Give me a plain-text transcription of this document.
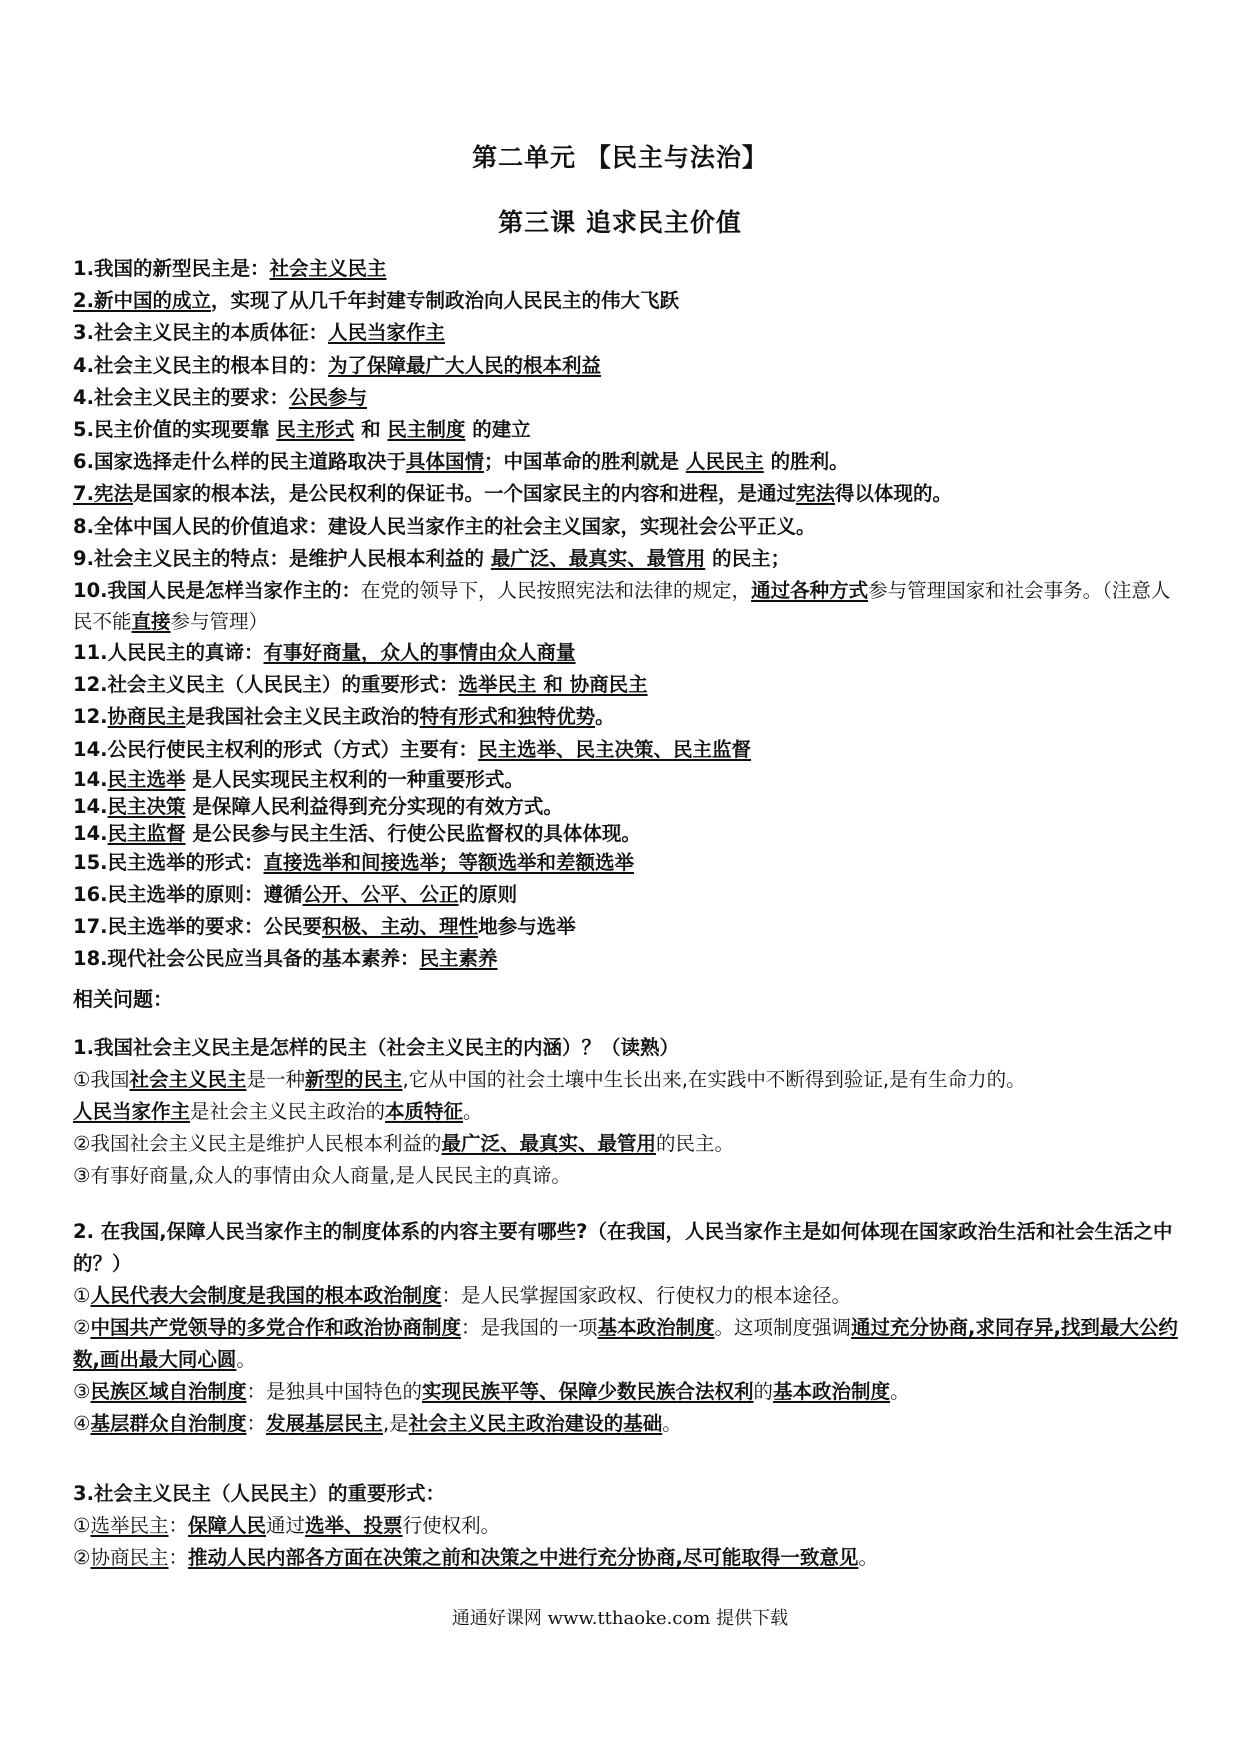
第二单元 【民主与法治】
第三课 追求民主价值
1.我国的新型民主是：社会主义民主
2.新中国的成立，实现了从几千年封建专制政治向人民民主的伟大飞跃
3.社会主义民主的本质体征：人民当家作主
4.社会主义民主的根本目的：为了保障最广大人民的根本利益
4.社会主义民主的要求：公民参与
5.民主价值的实现要靠 民主形式 和 民主制度 的建立
6.国家选择走什么样的民主道路取决于具体国情；中国革命的胜利就是 人民民主 的胜利。
7.宪法是国家的根本法，是公民权利的保证书。一个国家民主的内容和进程，是通过宪法得以体现的。
8.全体中国人民的价值追求：建设人民当家作主的社会主义国家，实现社会公平正义。
9.社会主义民主的特点：是维护人民根本利益的 最广泛、最真实、最管用 的民主；
10.我国人民是怎样当家作主的：在党的领导下，人民按照宪法和法律的规定，通过各种方式参与管理国家和社会事务。（注意人民不能直接参与管理）
11.人民民主的真谛：有事好商量，众人的事情由众人商量
12.社会主义民主（人民民主）的重要形式：选举民主 和 协商民主
12.协商民主是我国社会主义民主政治的特有形式和独特优势。
14.公民行使民主权利的形式（方式）主要有：民主选举、民主决策、民主监督
14.民主选举 是人民实现民主权利的一种重要形式。
14.民主决策 是保障人民利益得到充分实现的有效方式。
14.民主监督 是公民参与民主生活、行使公民监督权的具体体现。
15.民主选举的形式：直接选举和间接选举；等额选举和差额选举
16.民主选举的原则：遵循公开、公平、公正的原则
17.民主选举的要求：公民要积极、主动、理性地参与选举
18.现代社会公民应当具备的基本素养：民主素养
相关问题：
1.我国社会主义民主是怎样的民主（社会主义民主的内涵）？（读熟）
①我国社会主义民主是一种新型的民主,它从中国的社会土壤中生长出来,在实践中不断得到验证,是有生命力的。
人民当家作主是社会主义民主政治的本质特征。
②我国社会主义民主是维护人民根本利益的最广泛、最真实、最管用的民主。
③有事好商量,众人的事情由众人商量,是人民民主的真谛。
2. 在我国,保障人民当家作主的制度体系的内容主要有哪些?（在我国，人民当家作主是如何体现在国家政治生活和社会生活之中的？）
①人民代表大会制度是我国的根本政治制度：是人民掌握国家政权、行使权力的根本途径。
②中国共产党领导的多党合作和政治协商制度：是我国的一项基本政治制度。这项制度强调通过充分协商,求同存异,找到最大公约数,画出最大同心圆。
③民族区域自治制度：是独具中国特色的实现民族平等、保障少数民族合法权利的基本政治制度。
④基层群众自治制度：发展基层民主,是社会主义民主政治建设的基础。
3.社会主义民主（人民民主）的重要形式：
①选举民主：保障人民通过选举、投票行使权利。
②协商民主：推动人民内部各方面在决策之前和决策之中进行充分协商,尽可能取得一致意见。
通通好课网 www.tthaoke.com 提供下载
